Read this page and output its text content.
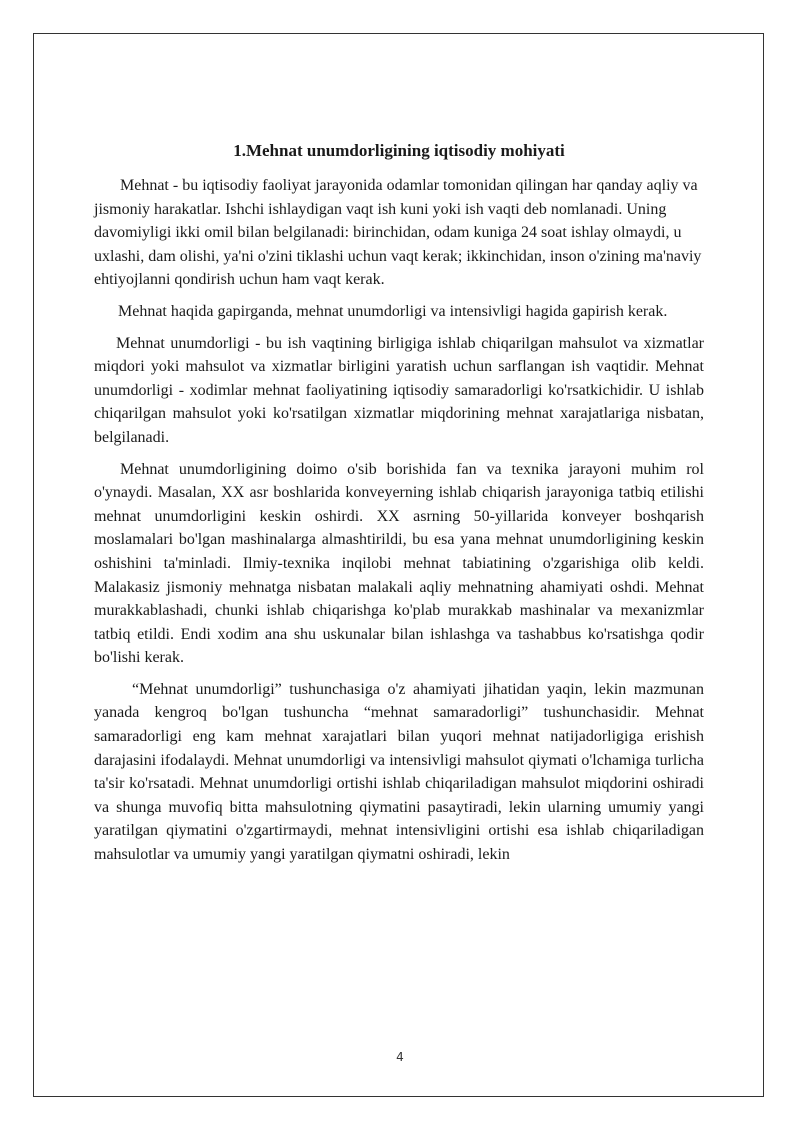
1.Mehnat unumdorligining iqtisodiy mohiyati

Mehnat - bu iqtisodiy faoliyat jarayonida odamlar tomonidan qilingan har qanday aqliy va jismoniy harakatlar. Ishchi ishlaydigan vaqt ish kuni yoki ish vaqti deb nomlanadi. Uning davomiyligi ikki omil bilan belgilanadi: birinchidan, odam kuniga 24 soat ishlay olmaydi, u uxlashi, dam olishi, ya'ni o'zini tiklashi uchun vaqt kerak; ikkinchidan, inson o'zining ma'naviy ehtiyojlanni qondirish uchun ham vaqt kerak.

Mehnat haqida gapirganda, mehnat unumdorligi va intensivligi hagida gapirish kerak.

Mehnat unumdorligi - bu ish vaqtining birligiga ishlab chiqarilgan mahsulot va xizmatlar miqdori yoki mahsulot va xizmatlar birligini yaratish uchun sarflangan ish vaqtidir. Mehnat unumdorligi - xodimlar mehnat faoliyatining iqtisodiy samaradorligi ko'rsatkichidir. U ishlab chiqarilgan mahsulot yoki ko'rsatilgan xizmatlar miqdorining mehnat xarajatlariga nisbatan, belgilanadi.

Mehnat unumdorligining doimo o'sib borishida fan va texnika jarayoni muhim rol o'ynaydi. Masalan, XX asr boshlarida konveyerning ishlab chiqarish jarayoniga tatbiq etilishi mehnat unumdorligini keskin oshirdi. XX asrning 50-yillarida konveyer boshqarish moslamalari bo'lgan mashinalarga almashtirildi, bu esa yana mehnat unumdorligining keskin oshishini ta'minladi. Ilmiy-texnika inqilobi mehnat tabiatining o'zgarishiga olib keldi. Malakasiz jismoniy mehnatga nisbatan malakali aqliy mehnatning ahamiyati oshdi. Mehnat murakkablashadi, chunki ishlab chiqarishga ko'plab murakkab mashinalar va mexanizmlar tatbiq etildi. Endi xodim ana shu uskunalar bilan ishlashga va tashabbus ko'rsatishga qodir bo'lishi kerak.

“Mehnat unumdorligi” tushunchasiga o'z ahamiyati jihatidan yaqin, lekin mazmunan yanada kengroq bo'lgan tushuncha “mehnat samaradorligi” tushunchasidir. Mehnat samaradorligi eng kam mehnat xarajatlari bilan yuqori mehnat natijadorligiga erishish darajasini ifodalaydi. Mehnat unumdorligi va intensivligi mahsulot qiymati o'lchamiga turlicha ta'sir ko'rsatadi. Mehnat unumdorligi ortishi ishlab chiqariladigan mahsulot miqdorini oshiradi va shunga muvofiq bitta mahsulotning qiymatini pasaytiradi, lekin ularning umumiy yangi yaratilgan qiymatini o'zgartirmaydi, mehnat intensivligini ortishi esa ishlab chiqariladigan mahsulotlar va umumiy yangi yaratilgan qiymatni oshiradi, lekin

4
